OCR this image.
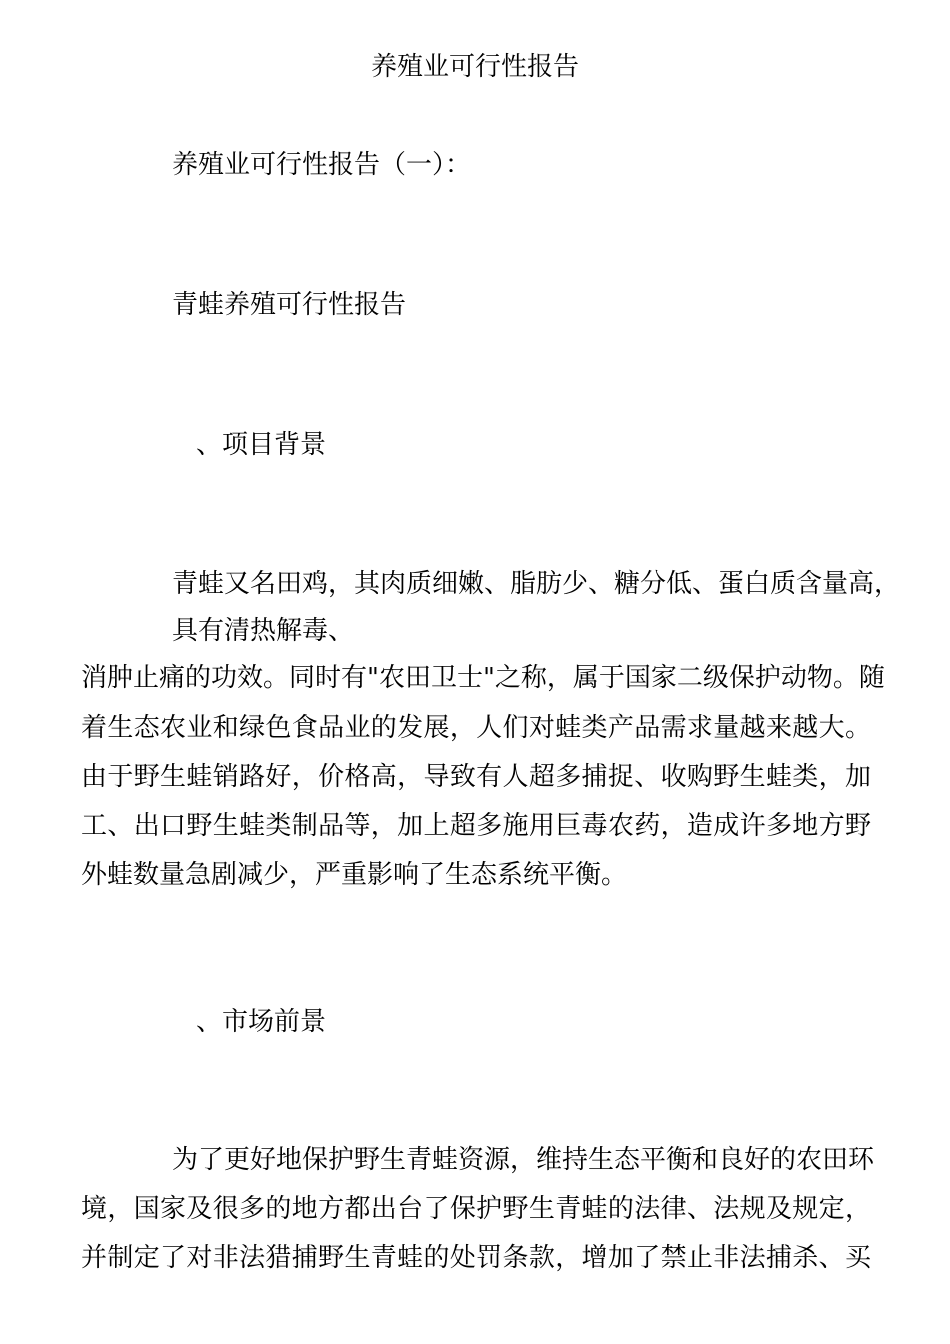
养殖业可行性报告
养殖业可行性报告（一）：
青蛙养殖可行性报告
、项目背景
青蛙又名田鸡，其肉质细嫩、脂肪少、糖分低、蛋白质含量高，
具有清热解毒、
消肿止痛的功效。同时有"农田卫士"之称，属于国家二级保护动物。随
着生态农业和绿色食品业的发展，人们对蛙类产品需求量越来越大。
由于野生蛙销路好，价格高，导致有人超多捕捉、收购野生蛙类，加
工、出口野生蛙类制品等，加上超多施用巨毒农药，造成许多地方野
外蛙数量急剧减少，严重影响了生态系统平衡。
、市场前景
为了更好地保护野生青蛙资源，维持生态平衡和良好的农田环
境，国家及很多的地方都出台了保护野生青蛙的法律、法规及规定，
并制定了对非法猎捕野生青蛙的处罚条款，增加了禁止非法捕杀、买
